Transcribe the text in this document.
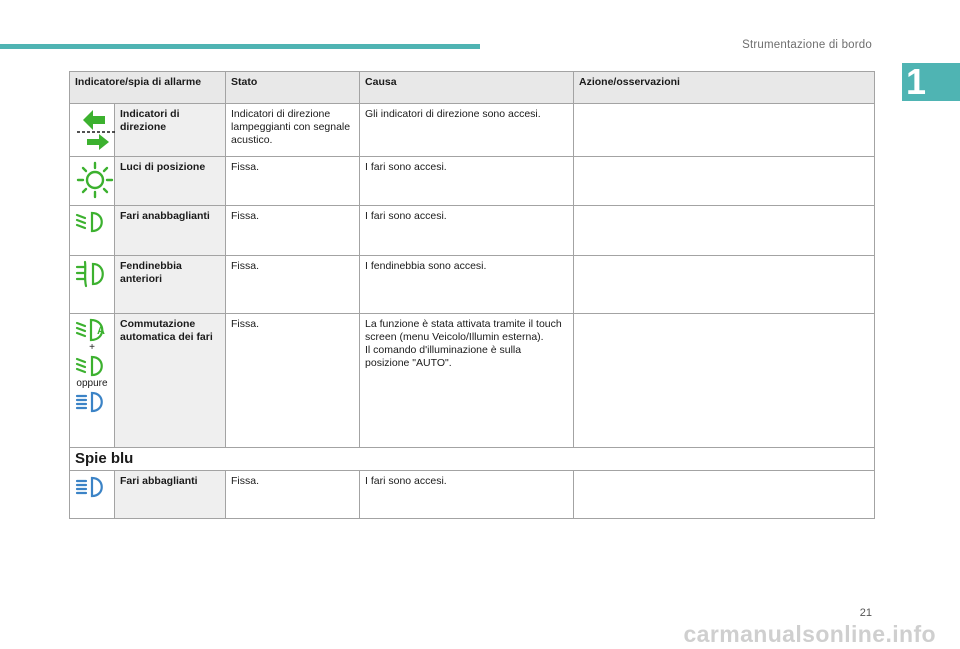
Strumentazione di bordo
1
Indicatore/spia di allarme		Stato	Causa	Azione/osservazioni

	Indicatori di direzione	Indicatori di direzione lampeggianti con segnale acustico.	Gli indicatori di direzione sono accesi.	

	Luci di posizione	Fissa.	I fari sono accesi.	

	Fari anabbaglianti	Fissa.	I fari sono accesi.	

	Fendinebbia anteriori	Fissa.	I fendinebbia sono accesi.	

A
+
oppure	Commutazione automatica dei fari	Fissa.	La funzione è stata attivata tramite il touch screen (menu Veicolo/Illumin esterna).
Il comando d'illuminazione è sulla posizione "AUTO".	
Spie blu				

	Fari abbaglianti	Fissa.	I fari sono accesi.	
21
carmanualsonline.info
